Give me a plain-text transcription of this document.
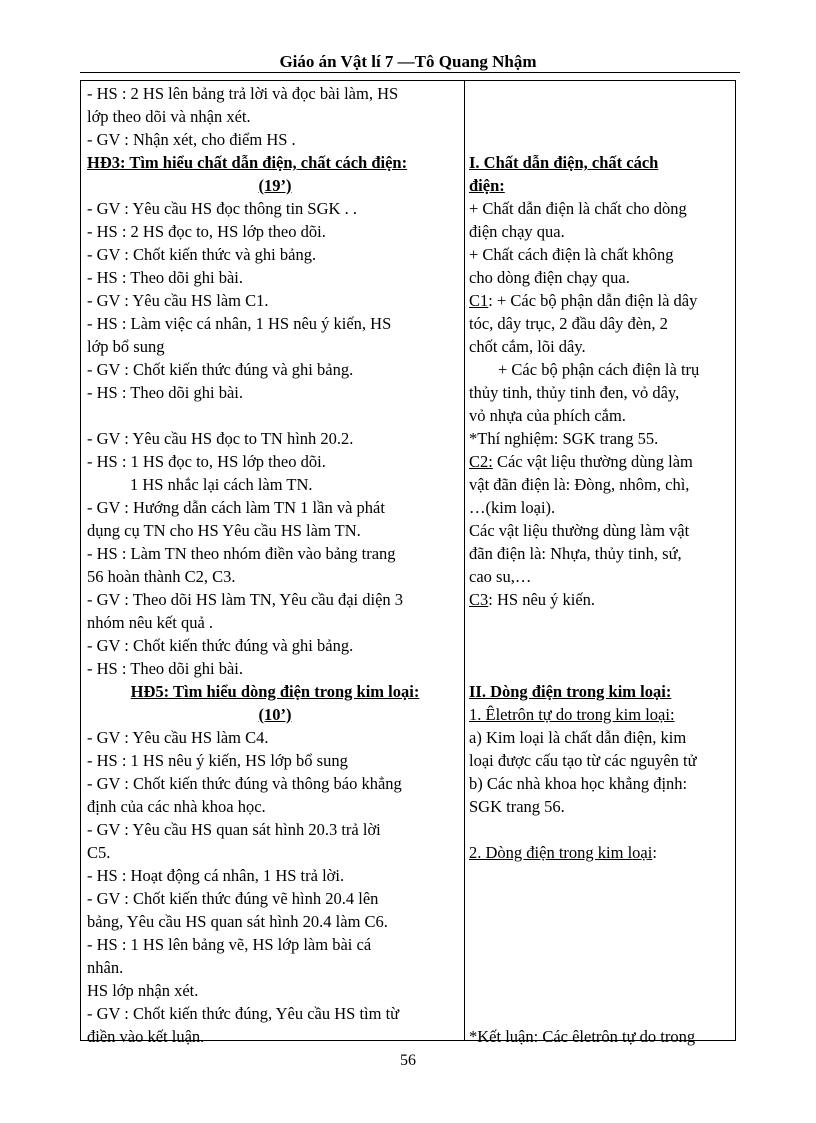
Giáo án Vật lí 7 —Tô Quang Nhậm
- HS : 2 HS lên bảng trả lời và đọc bài làm, HS
lớp theo dõi và nhận xét.
- GV : Nhận xét, cho điểm HS .
HĐ3: Tìm hiểu chất dẫn điện, chất cách điện:
(19’)
- GV : Yêu cầu HS đọc thông tin SGK . .
- HS : 2 HS đọc to, HS lớp theo dõi.
- GV : Chốt kiến thức và ghi bảng.
- HS : Theo dõi ghi bài.
- GV : Yêu cầu HS làm C1.
- HS : Làm việc cá nhân, 1 HS nêu ý kiến, HS
lớp bổ sung
- GV : Chốt kiến thức đúng và ghi bảng.
- HS : Theo dõi ghi bài.
- GV : Yêu cầu HS đọc to TN hình 20.2.
- HS : 1 HS đọc to, HS lớp theo dõi.
1 HS nhắc lại cách làm TN.
- GV : Hướng dẫn cách làm TN 1 lần và phát
dụng cụ TN cho HS Yêu cầu HS làm TN.
- HS : Làm TN theo nhóm điền vào bảng trang
56 hoàn thành C2, C3.
- GV : Theo dõi HS làm TN, Yêu cầu đại diện 3
nhóm nêu kết quả .
- GV : Chốt kiến thức đúng và ghi bảng.
- HS : Theo dõi ghi bài.
HĐ5: Tìm hiểu dòng điện trong kim loại:
(10’)
- GV : Yêu cầu HS làm C4.
- HS : 1 HS nêu ý kiến, HS lớp bổ sung
- GV : Chốt kiến thức đúng và thông báo khẳng
định của các nhà khoa học.
- GV : Yêu cầu HS quan sát hình 20.3 trả lời
C5.
- HS : Hoạt động cá nhân, 1 HS trả lời.
- GV : Chốt kiến thức đúng vẽ hình 20.4 lên
bảng, Yêu cầu HS quan sát hình 20.4 làm C6.
- HS : 1 HS lên bảng vẽ, HS lớp làm bài cá
nhân.
HS lớp nhận xét.
- GV : Chốt kiến thức đúng, Yêu cầu HS tìm từ
điền vào kết luận.
I. Chất dẫn điện, chất cách
điện:
+ Chất dẫn điện là chất cho dòng
điện chạy qua.
+ Chất cách điện là chất không
cho dòng điện chạy qua.
C1: + Các bộ phận dẫn điện là dây
tóc, dây trục, 2 đầu dây đèn, 2
chốt cắm, lõi dây.
+ Các bộ phận cách điện là trụ
thủy tinh, thủy tinh đen, vỏ dây,
vỏ nhựa của phích cắm.
*Thí nghiệm: SGK trang 55.
C2: Các vật liệu thường dùng làm
vật đãn điện là: Đòng, nhôm, chì,
…(kim loại).
Các vật liệu thường dùng làm vật
đãn điện là: Nhựa, thủy tinh, sứ,
cao su,…
C3: HS nêu ý kiến.
II. Dòng điện trong kim loại:
1. Êletrôn tự do trong kim loại:
a) Kim loại là chất dẫn điện, kim
loại được cấu tạo từ các nguyên tử
b) Các nhà khoa học khẳng định:
SGK trang 56.
2. Dòng điện trong kim loại:
*Kết luận: Các êletrôn tự do trong
56
